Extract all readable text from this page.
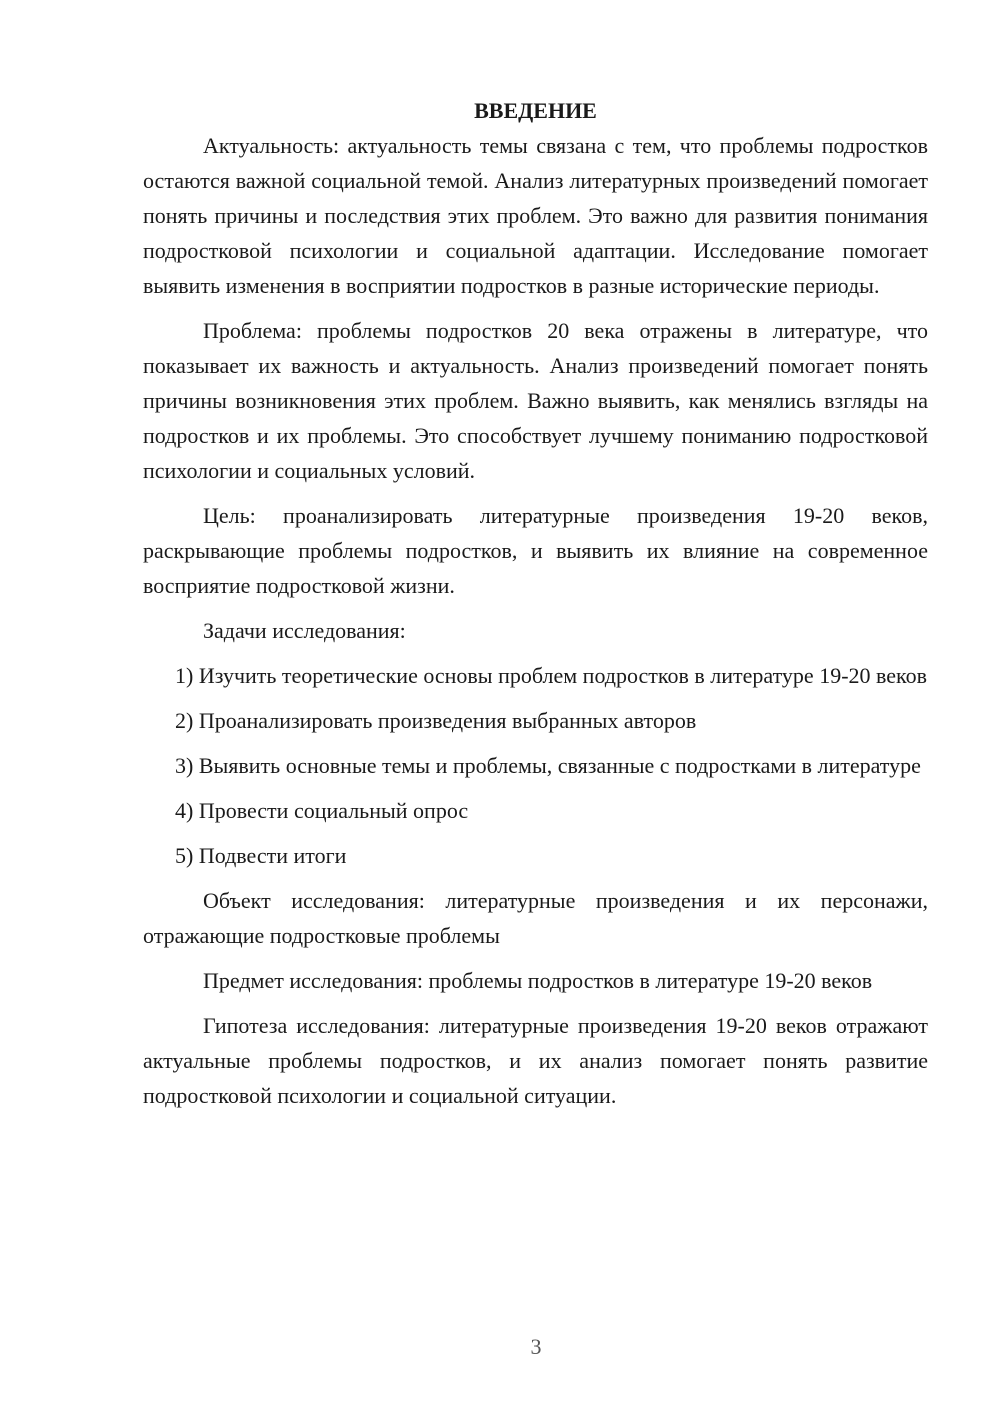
ВВЕДЕНИЕ

Актуальность: актуальность темы связана с тем, что проблемы подростков остаются важной социальной темой. Анализ литературных произведений помогает понять причины и последствия этих проблем. Это важно для развития понимания подростковой психологии и социальной адаптации. Исследование помогает выявить изменения в восприятии подростков в разные исторические периоды.

Проблема: проблемы подростков 20 века отражены в литературе, что показывает их важность и актуальность. Анализ произведений помогает понять причины возникновения этих проблем. Важно выявить, как менялись взгляды на подростков и их проблемы. Это способствует лучшему пониманию подростковой психологии и социальных условий.

Цель: проанализировать литературные произведения 19-20 веков, раскрывающие проблемы подростков, и выявить их влияние на современное восприятие подростковой жизни.

Задачи исследования:

1) Изучить теоретические основы проблем подростков в литературе 19-20 веков

2) Проанализировать произведения выбранных авторов

3) Выявить основные темы и проблемы, связанные с подростками в литературе

4) Провести социальный опрос

5) Подвести итоги

Объект исследования: литературные произведения и их персонажи, отражающие подростковые проблемы

Предмет исследования: проблемы подростков в литературе 19-20 веков

Гипотеза исследования: литературные произведения 19-20 веков отражают актуальные проблемы подростков, и их анализ помогает понять развитие подростковой психологии и социальной ситуации.

3
